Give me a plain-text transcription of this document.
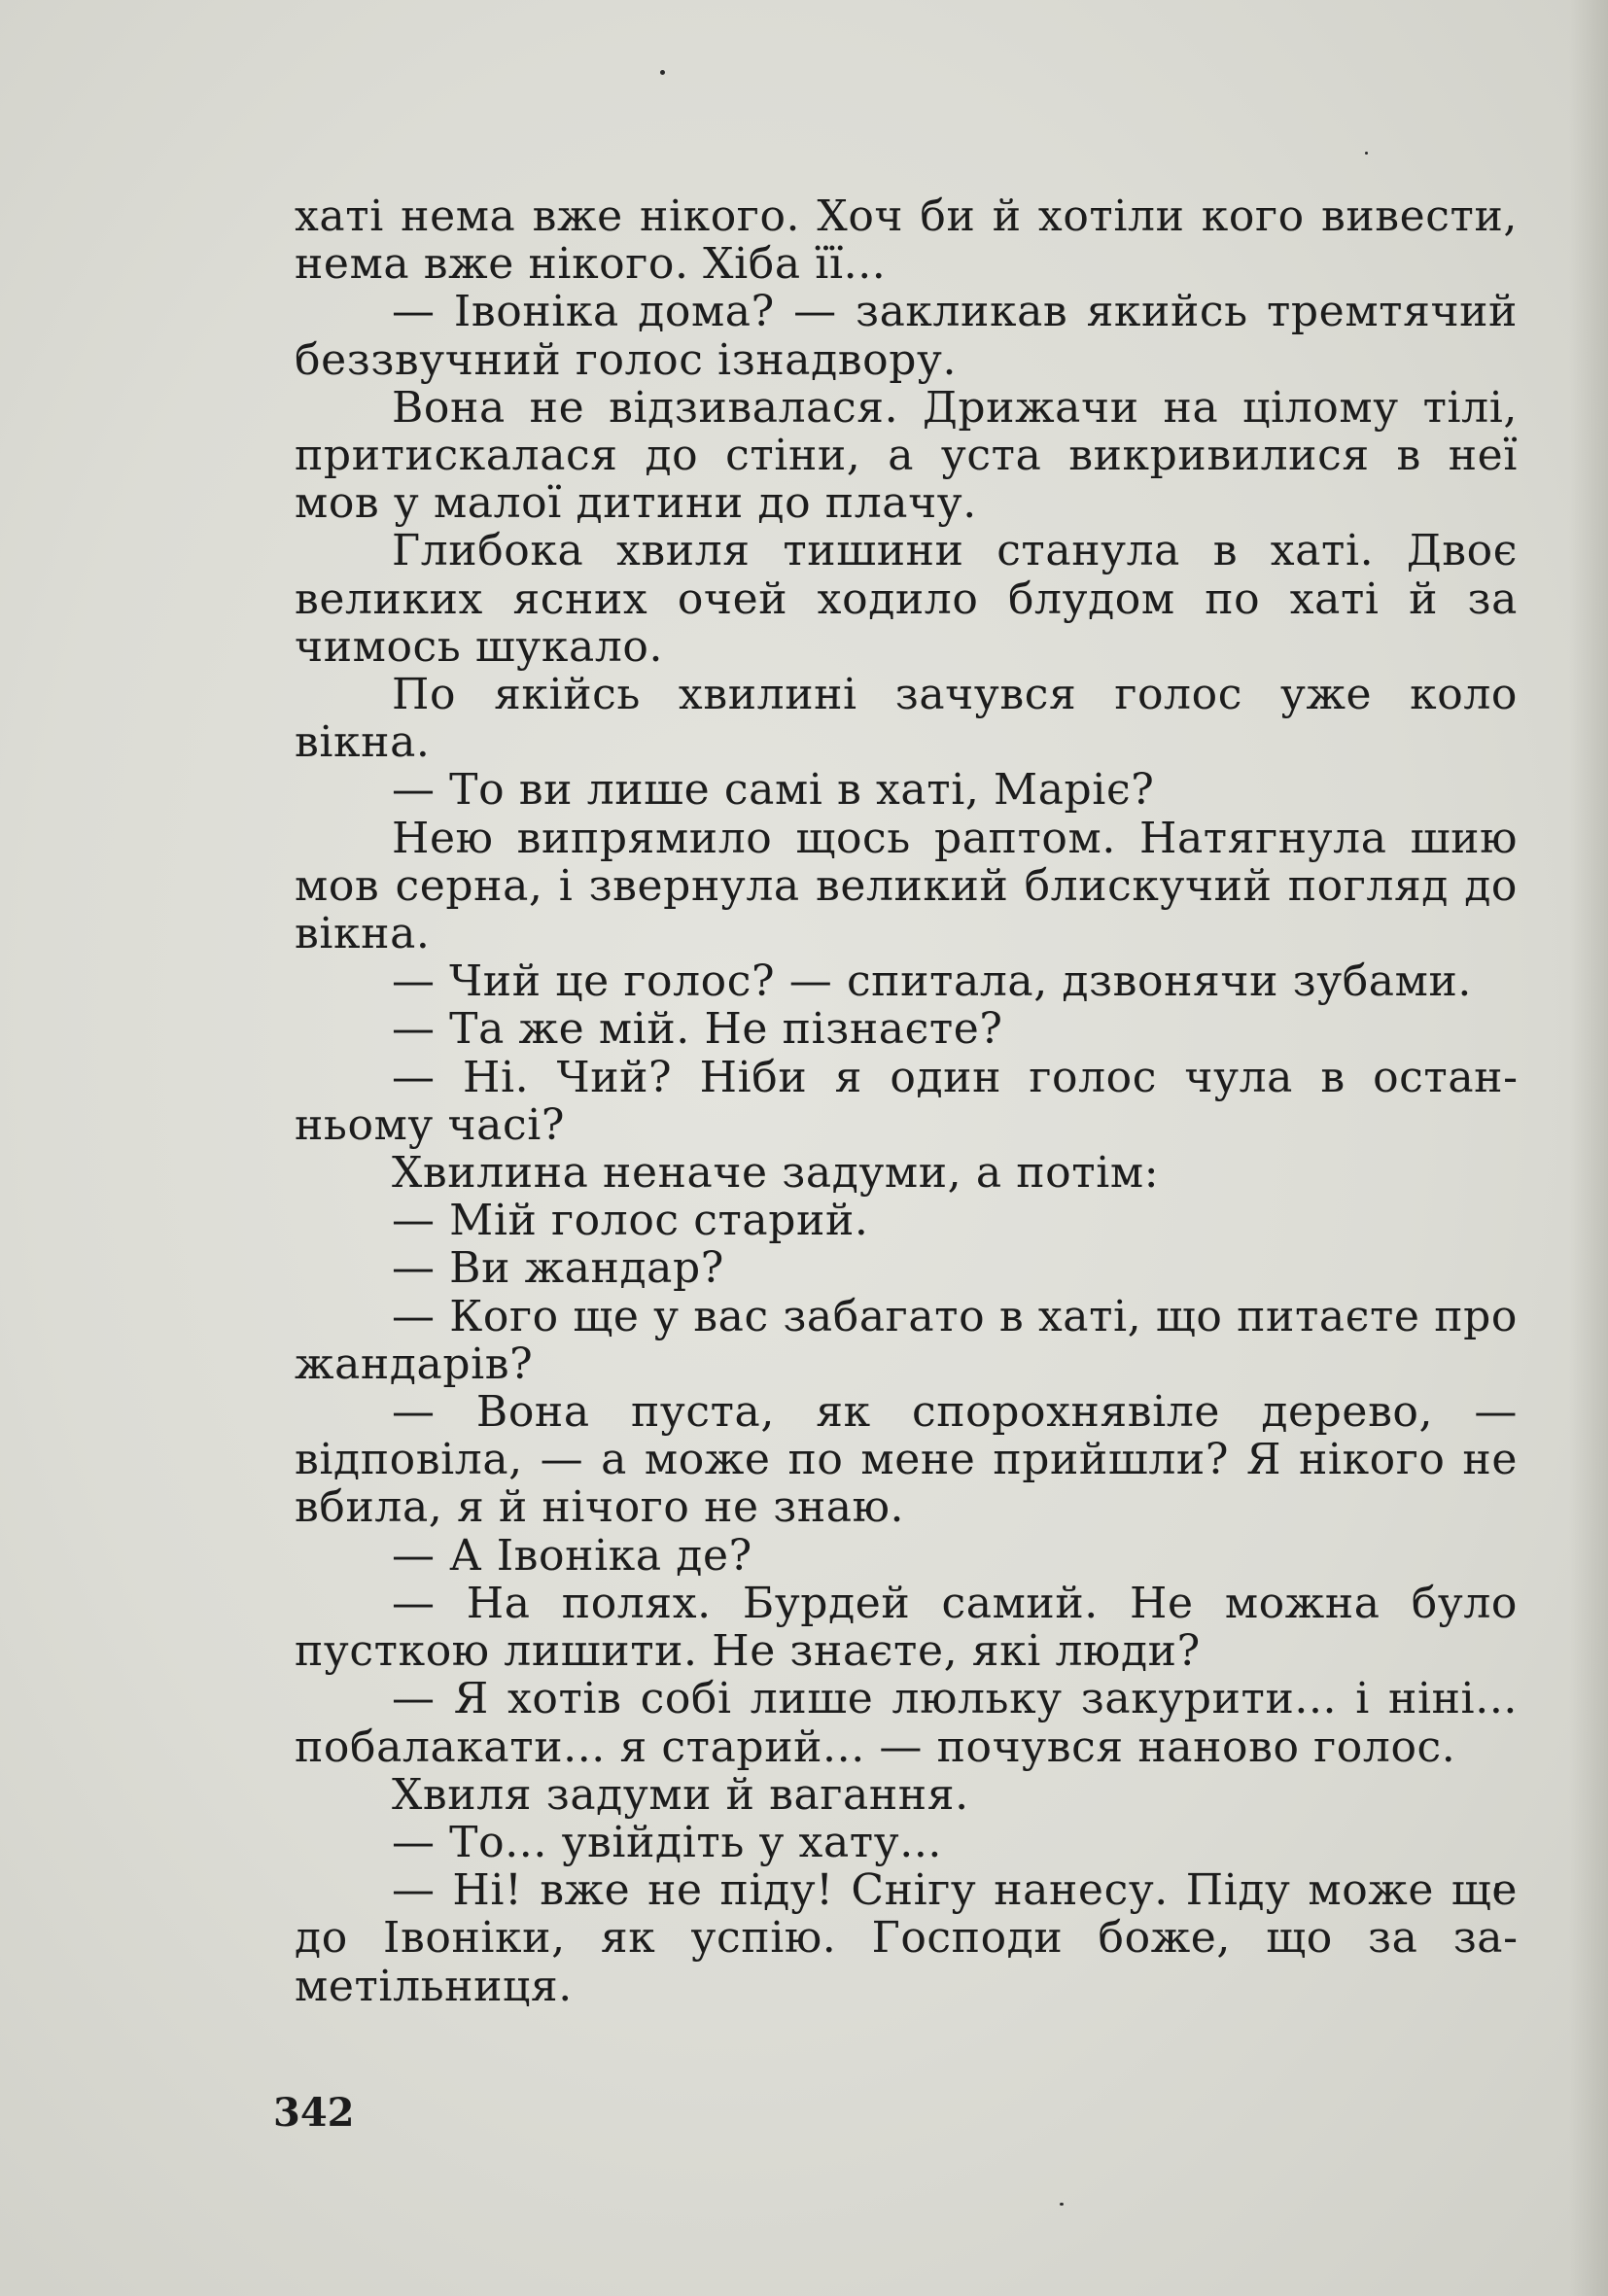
хаті нема вже нікого. Хоч би й хотіли кого вивести, нема вже нікого. Хіба її...

— Івоніка дома? — закликав якийсь тремтячий беззвучний голос ізнадвору.

Вона не відзивалася. Дрижачи на цілому тілі, притискалася до стіни, а уста викривилися в неї мов у малої дитини до плачу.

Глибока хвиля тишини станула в хаті. Двоє великих ясних очей ходило блудом по хаті й за чимось шукало.

По якійсь хвилині зачувся голос уже коло вікна.

— То ви лише самі в хаті, Маріє?

Нею випрямило щось раптом. Натягнула шию мов серна, і звернула великий блискучий погляд до вікна.

— Чий це голос? — спитала, дзвонячи зубами.

— Та же мій. Не пізнаєте?

— Ні. Чий? Ніби я один голос чула в останньому часі?

Хвилина неначе задуми, а потім:

— Мій голос старий.

— Ви жандар?

— Кого ще у вас забагато в хаті, що питаєте про жандарів?

— Вона пуста, як спорохнявіле дерево, — відповіла, — а може по мене прийшли? Я нікого не вбила, я й нічого не знаю.

— А Івоніка де?

— На полях. Бурдей самий. Не можна було пусткою лишити. Не знаєте, які люди?

— Я хотів собі лише люльку закурити... і ніні... побалакати... я старий... — почувся наново голос.

Хвиля задуми й вагання.

— То... увійдіть у хату...

— Ні! вже не піду! Снігу нанесу. Піду може ще до Івоніки, як успію. Господи боже, що за заметільниця.

342
